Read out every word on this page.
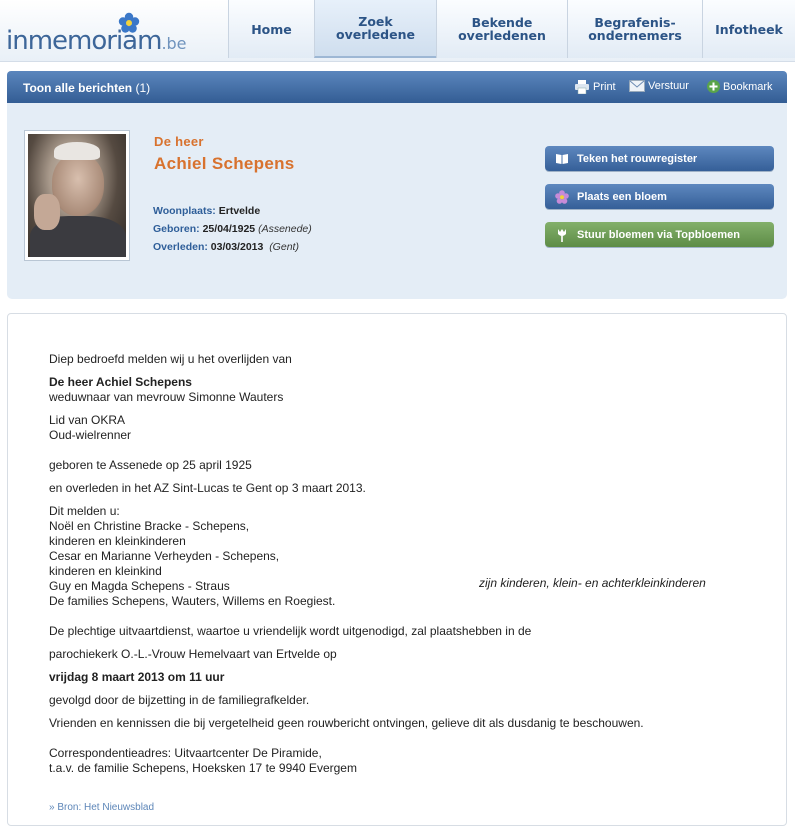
inmemoriam.be
Home	Zoek
overledene
Bekende
overledenen
Begrafenis-
ondernemers	Infotheek
Toon alle berichten (1)	Print	Verstuur	Bookmark
De heer
Achiel Schepens
Woonplaats: Ertvelde
Geboren: 25/04/1925 (Assenede)
Overleden: 03/03/2013 (Gent)
Teken het rouwregister
Plaats een bloem
Stuur bloemen via Topbloemen
Diep bedroefd melden wij u het overlijden van
De heer Achiel Schepens
weduwnaar van mevrouw Simonne Wauters
Lid van OKRA
Oud-wielrenner
geboren te Assenede op 25 april 1925
en overleden in het AZ Sint-Lucas te Gent op 3 maart 2013.
Dit melden u:
Noël en Christine Bracke - Schepens,
kinderen en kleinkinderen
Cesar en Marianne Verheyden - Schepens,
kinderen en kleinkind
Guy en Magda Schepens - Straus
De families Schepens, Wauters, Willems en Roegiest.
zijn kinderen, klein- en achterkleinkinderen
De plechtige uitvaartdienst, waartoe u vriendelijk wordt uitgenodigd, zal plaatshebben in de
parochiekerk O.-L.-Vrouw Hemelvaart van Ertvelde op
vrijdag 8 maart 2013 om 11 uur
gevolgd door de bijzetting in de familiegrafkelder.
Vrienden en kennissen die bij vergetelheid geen rouwbericht ontvingen, gelieve dit als dusdanig te beschouwen.
Correspondentieadres: Uitvaartcenter De Piramide,
t.a.v. de familie Schepens, Hoeksken 17 te 9940 Evergem
» Bron: Het Nieuwsblad
